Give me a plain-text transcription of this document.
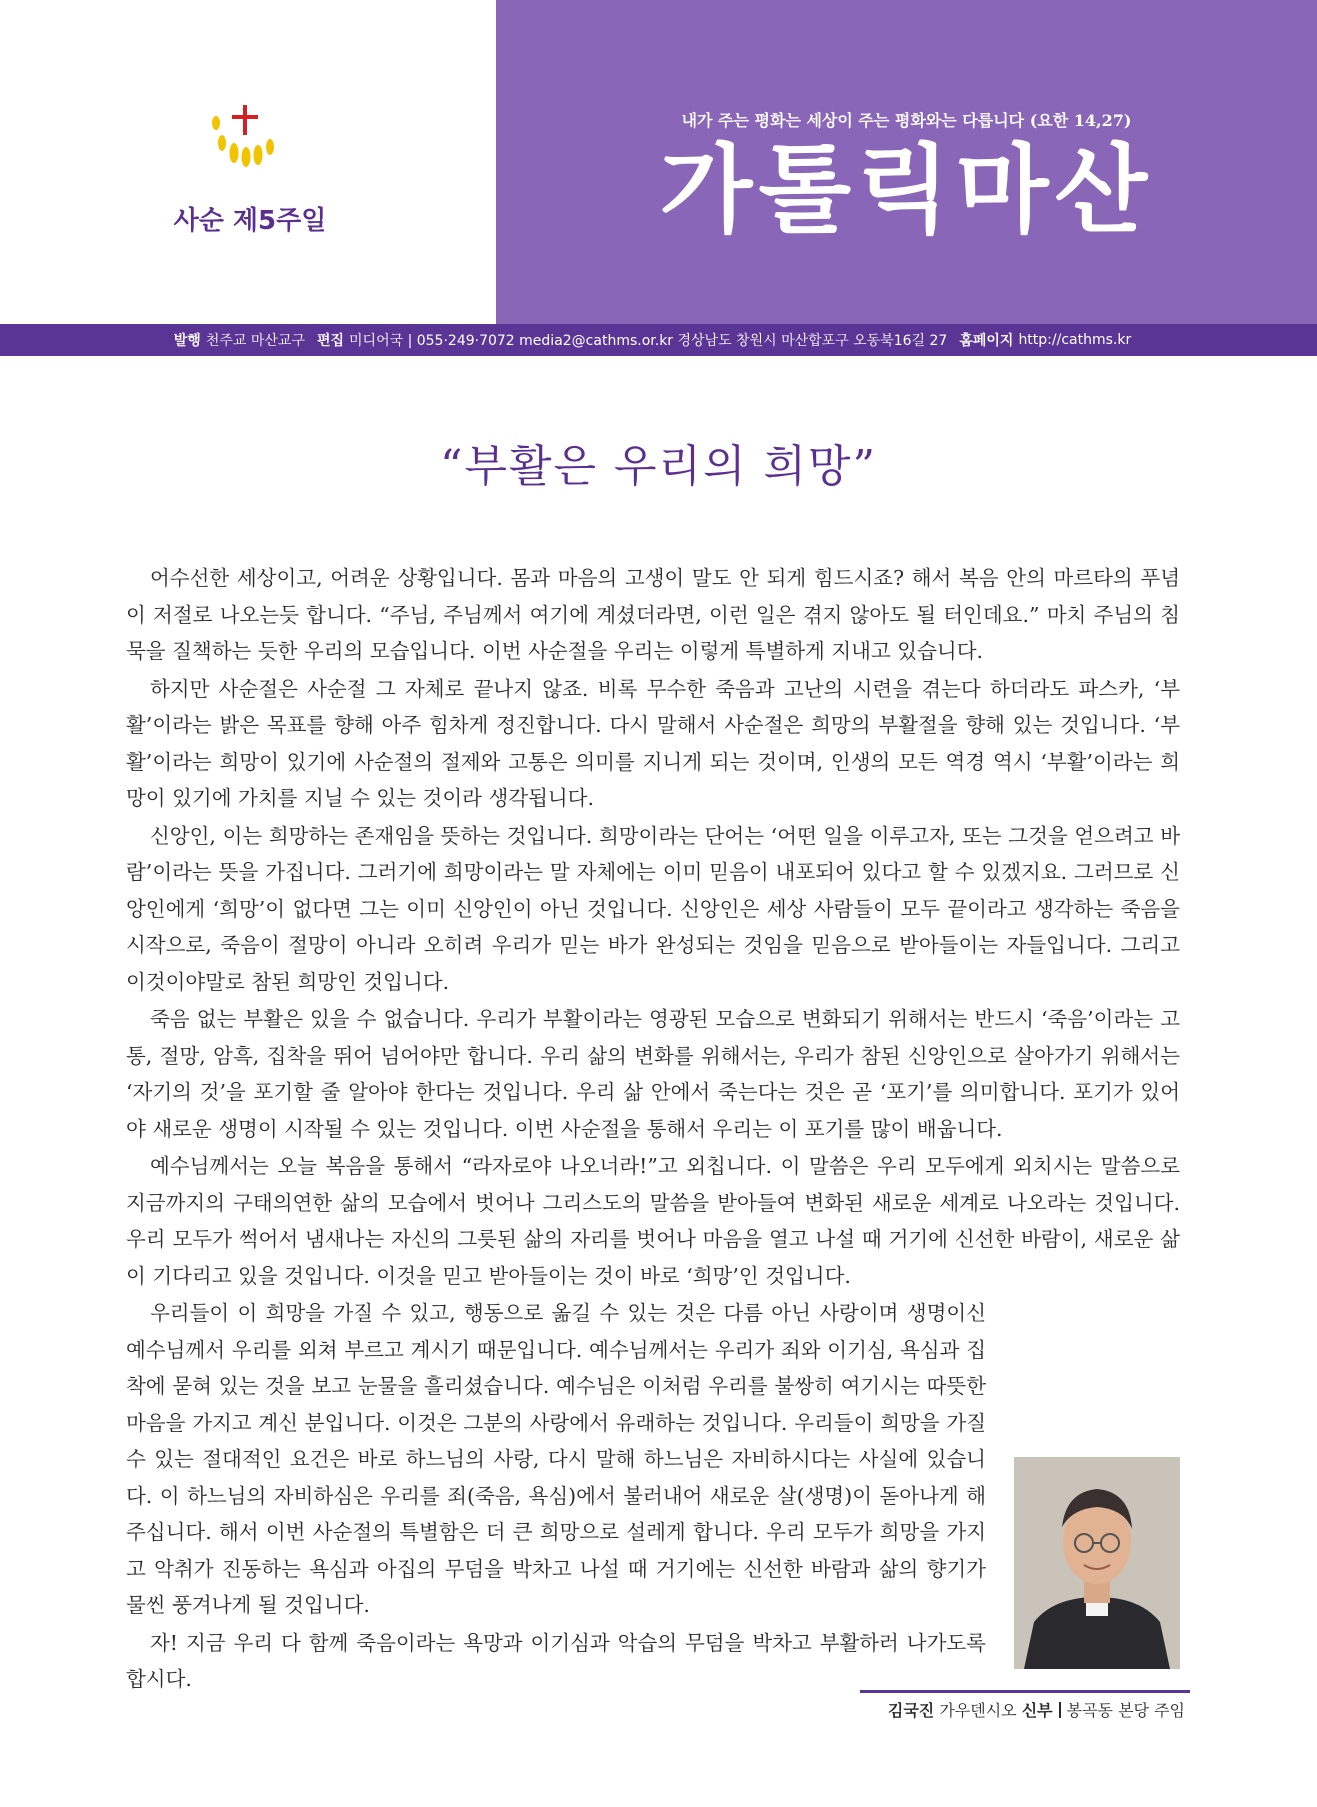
사순 제5주일
내가 주는 평화는 세상이 주는 평화와는 다릅니다 (요한 14,27)
가톨릭마산
발행 천주교 마산교구 편집 미디어국 | 055·249·7072 media2@cathms.or.kr 경상남도 창원시 마산합포구 오동북16길 27 홈페이지 http://cathms.kr
“부활은 우리의 희망”

어수선한 세상이고, 어려운 상황입니다. 몸과 마음의 고생이 말도 안 되게 힘드시죠? 해서 복음 안의 마르타의 푸념이 저절로 나오는듯 합니다. “주님, 주님께서 여기에 계셨더라면, 이런 일은 겪지 않아도 될 터인데요.” 마치 주님의 침묵을 질책하는 듯한 우리의 모습입니다. 이번 사순절을 우리는 이렇게 특별하게 지내고 있습니다.

하지만 사순절은 사순절 그 자체로 끝나지 않죠. 비록 무수한 죽음과 고난의 시련을 겪는다 하더라도 파스카, ‘부활’이라는 밝은 목표를 향해 아주 힘차게 정진합니다. 다시 말해서 사순절은 희망의 부활절을 향해 있는 것입니다. ‘부활’이라는 희망이 있기에 사순절의 절제와 고통은 의미를 지니게 되는 것이며, 인생의 모든 역경 역시 ‘부활’이라는 희망이 있기에 가치를 지닐 수 있는 것이라 생각됩니다.

신앙인, 이는 희망하는 존재임을 뜻하는 것입니다. 희망이라는 단어는 ‘어떤 일을 이루고자, 또는 그것을 얻으려고 바람’이라는 뜻을 가집니다. 그러기에 희망이라는 말 자체에는 이미 믿음이 내포되어 있다고 할 수 있겠지요. 그러므로 신앙인에게 ‘희망’이 없다면 그는 이미 신앙인이 아닌 것입니다. 신앙인은 세상 사람들이 모두 끝이라고 생각하는 죽음을 시작으로, 죽음이 절망이 아니라 오히려 우리가 믿는 바가 완성되는 것임을 믿음으로 받아들이는 자들입니다. 그리고 이것이야말로 참된 희망인 것입니다.

죽음 없는 부활은 있을 수 없습니다. 우리가 부활이라는 영광된 모습으로 변화되기 위해서는 반드시 ‘죽음’이라는 고통, 절망, 암흑, 집착을 뛰어 넘어야만 합니다. 우리 삶의 변화를 위해서는, 우리가 참된 신앙인으로 살아가기 위해서는 ‘자기의 것’을 포기할 줄 알아야 한다는 것입니다. 우리 삶 안에서 죽는다는 것은 곧 ‘포기’를 의미합니다. 포기가 있어야 새로운 생명이 시작될 수 있는 것입니다. 이번 사순절을 통해서 우리는 이 포기를 많이 배웁니다.

예수님께서는 오늘 복음을 통해서 “라자로야 나오너라!”고 외칩니다. 이 말씀은 우리 모두에게 외치시는 말씀으로 지금까지의 구태의연한 삶의 모습에서 벗어나 그리스도의 말씀을 받아들여 변화된 새로운 세계로 나오라는 것입니다. 우리 모두가 썩어서 냄새나는 자신의 그릇된 삶의 자리를 벗어나 마음을 열고 나설 때 거기에 신선한 바람이, 새로운 삶이 기다리고 있을 것입니다. 이것을 믿고 받아들이는 것이 바로 ‘희망’인 것입니다.

우리들이 이 희망을 가질 수 있고, 행동으로 옮길 수 있는 것은 다름 아닌 사랑이며 생명이신 예수님께서 우리를 외쳐 부르고 계시기 때문입니다. 예수님께서는 우리가 죄와 이기심, 욕심과 집착에 묻혀 있는 것을 보고 눈물을 흘리셨습니다. 예수님은 이처럼 우리를 불쌍히 여기시는 따뜻한 마음을 가지고 계신 분입니다. 이것은 그분의 사랑에서 유래하는 것입니다. 우리들이 희망을 가질 수 있는 절대적인 요건은 바로 하느님의 사랑, 다시 말해 하느님은 자비하시다는 사실에 있습니다. 이 하느님의 자비하심은 우리를 죄(죽음, 욕심)에서 불러내어 새로운 살(생명)이 돋아나게 해 주십니다. 해서 이번 사순절의 특별함은 더 큰 희망으로 설레게 합니다. 우리 모두가 희망을 가지고 악취가 진동하는 욕심과 아집의 무덤을 박차고 나설 때 거기에는 신선한 바람과 삶의 향기가 물씬 풍겨나게 될 것입니다.

자! 지금 우리 다 함께 죽음이라는 욕망과 이기심과 악습의 무덤을 박차고 부활하러 나가도록 합시다.

김국진 가우덴시오 신부 봉곡동 본당 주임
